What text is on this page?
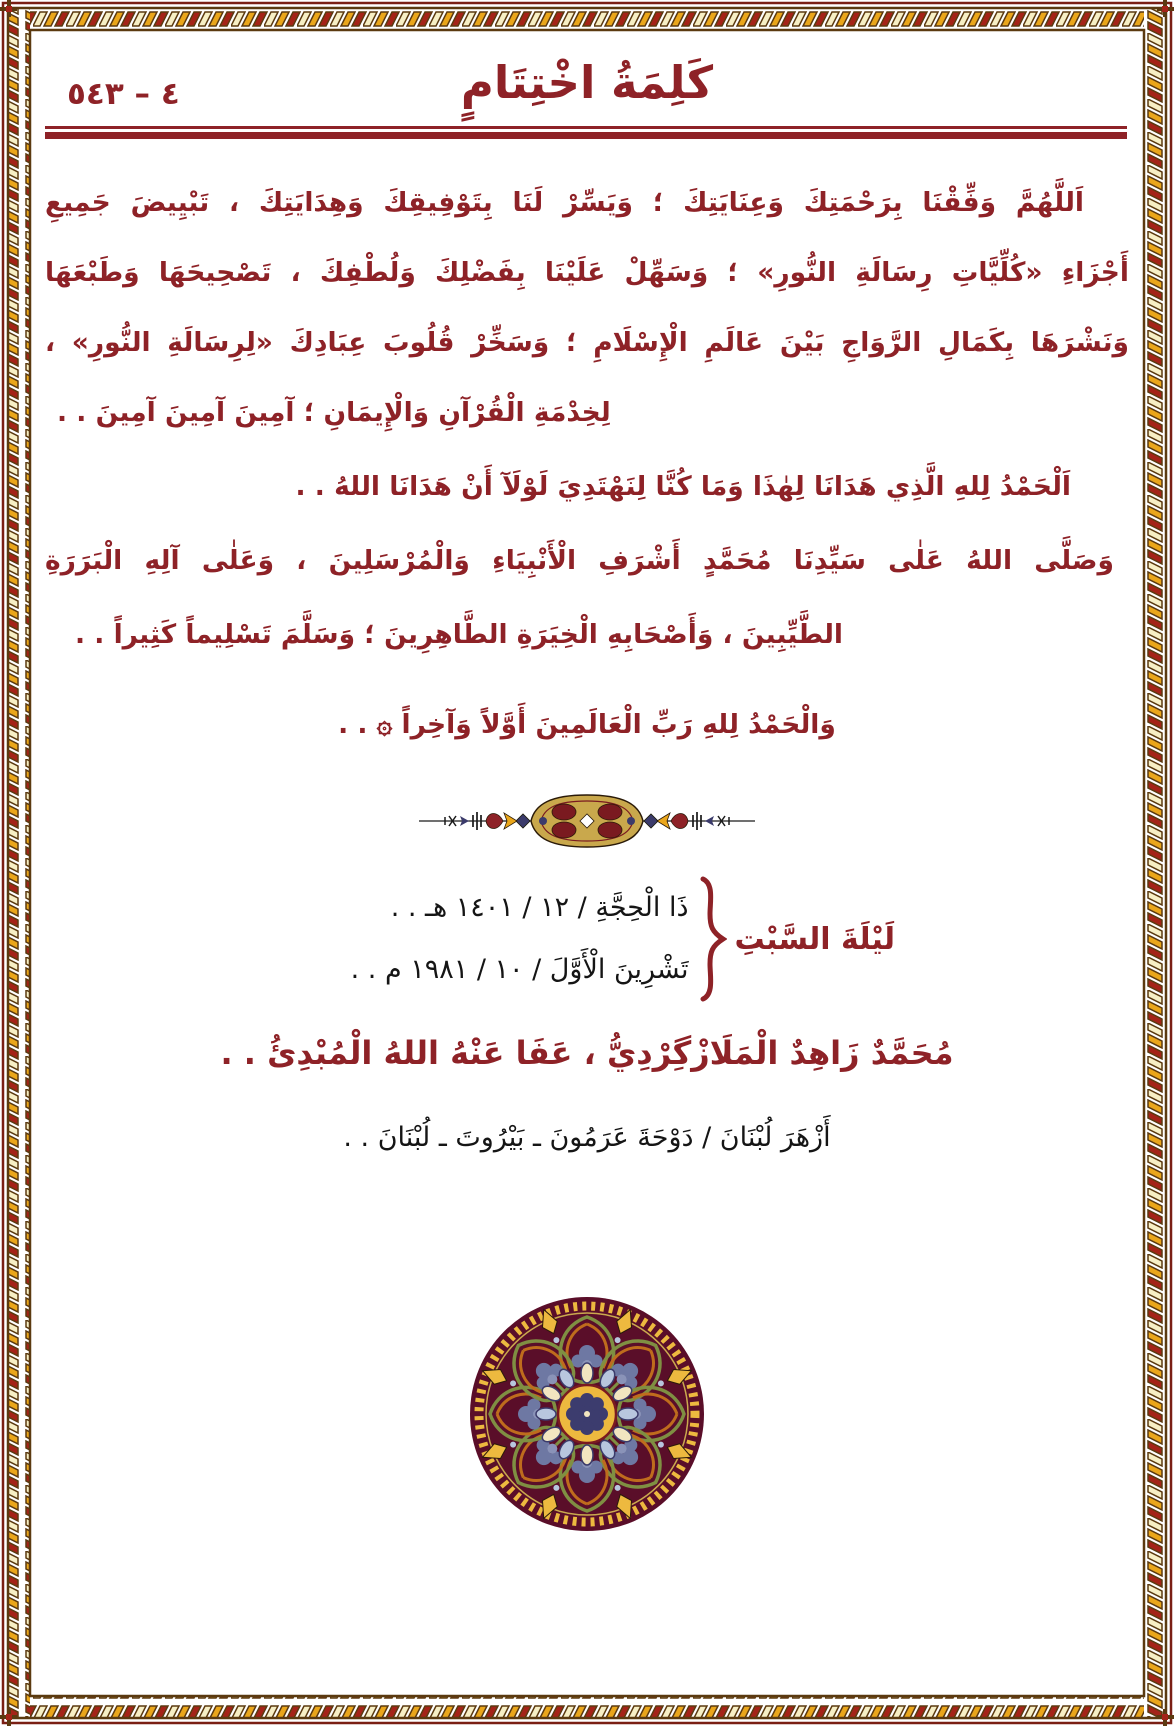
٤ – ٥٤٣	كَلِمَةُ اخْتِتَامٍ
اَللَّهُمَّ وَفِّقْنَا بِرَحْمَتِكَ وَعِنَايَتِكَ ؛ وَيَسِّرْ لَنَا بِتَوْفِيقِكَ وَهِدَايَتِكَ ، تَبْيِيضَ جَمِيعِ
أَجْزَاءِ «كُلِّيَّاتِ رِسَالَةِ النُّورِ» ؛ وَسَهِّلْ عَلَيْنَا بِفَضْلِكَ وَلُطْفِكَ ، تَصْحِيحَهَا وَطَبْعَهَا
وَنَشْرَهَا بِكَمَالِ الرَّوَاجِ بَيْنَ عَالَمِ الْإِسْلَامِ ؛ وَسَخِّرْ قُلُوبَ عِبَادِكَ «لِرِسَالَةِ النُّورِ» ،
لِخِدْمَةِ الْقُرْآنِ وَالْإِيمَانِ ؛ آمِينَ آمِينَ آمِينَ . .
اَلْحَمْدُ لِلهِ الَّذِي هَدَانَا لِهٰذَا وَمَا كُنَّا لِنَهْتَدِيَ لَوْلَآ أَنْ هَدَانَا اللهُ . .
وَصَلَّى اللهُ عَلٰى سَيِّدِنَا مُحَمَّدٍ أَشْرَفِ الْأَنْبِيَاءِ وَالْمُرْسَلِينَ ، وَعَلٰى آلِهِ الْبَرَرَةِ
الطَّيِّبِينَ ، وَأَصْحَابِهِ الْخِيَرَةِ الطَّاهِرِينَ ؛ وَسَلَّمَ تَسْلِيماً كَثِيراً . .
وَالْحَمْدُ لِلهِ رَبِّ الْعَالَمِينَ أَوَّلاً وَآخِراً ۞ . .
لَيْلَةَ السَّبْتِ
ذَا الْحِجَّةِ / ١٢ / ١٤٠١ هـ . .
تَشْرِينَ الْأَوَّلَ / ١٠ / ١٩٨١ م . .
مُحَمَّدٌ زَاهِدٌ الْمَلَازْگِرْدِيُّ ، عَفَا عَنْهُ اللهُ الْمُبْدِئُ . .
أَزْهَرَ لُبْنَانَ / دَوْحَةَ عَرَمُونَ ـ بَيْرُوتَ ـ لُبْنَانَ . .
